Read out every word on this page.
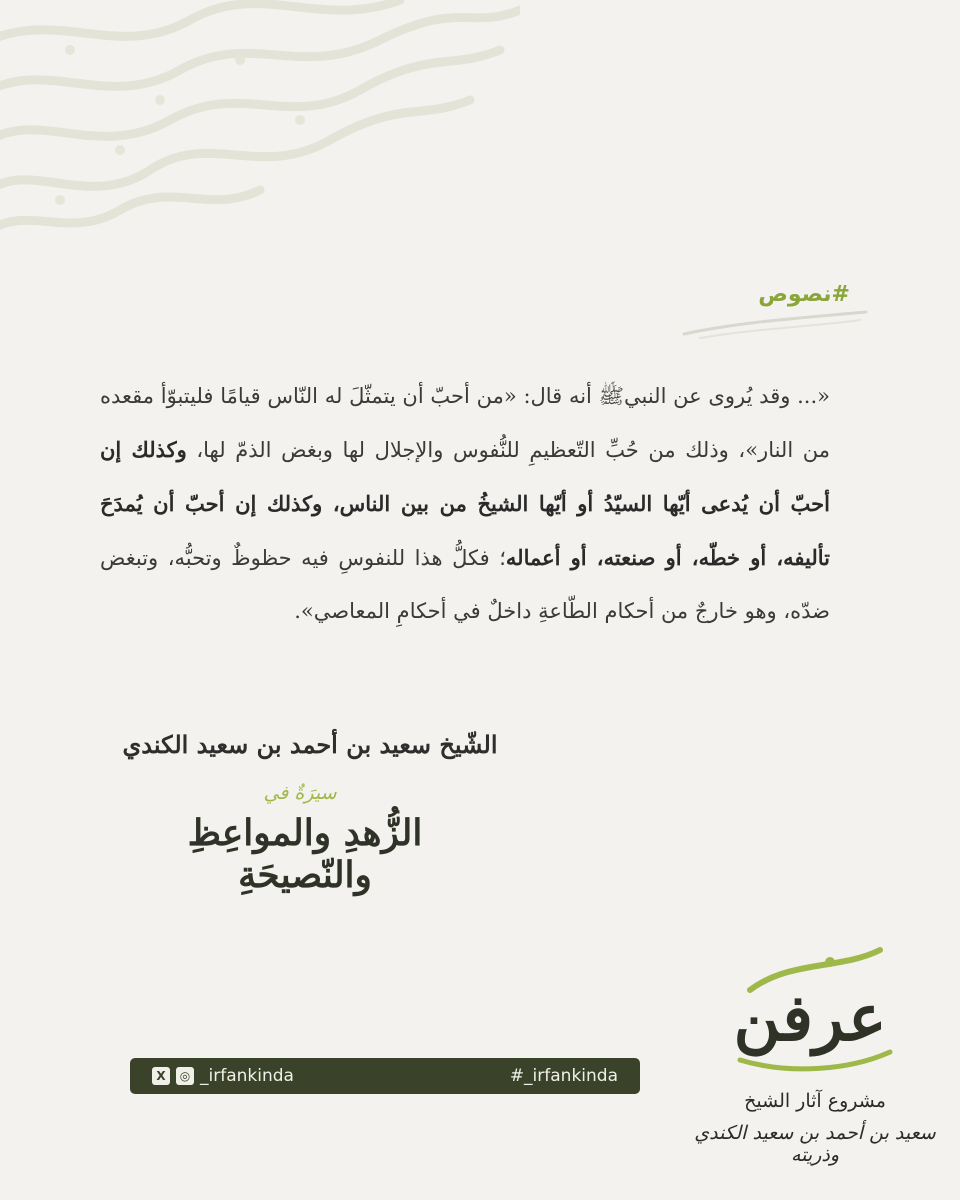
#نصوص
«... وقد يُروى عن النبيﷺ أنه قال: «من أحبّ أن يتمثّلَ له النّاس قيامًا فليتبوّأ مقعده من النار»، وذلك من حُبِّ التّعظيمِ للنُّفوس والإجلال لها وبغض الذمّ لها، وكذلك إن أحبّ أن يُدعى أيّها السيّدُ أو أيّها الشيخُ من بين الناس، وكذلك إن أحبّ أن يُمدَحَ تأليفه، أو خطّه، أو صنعته، أو أعماله؛ فكلُّ هذا للنفوسِ فيه حظوظٌ وتحبُّه، وتبغض ضدّه، وهو خارجٌ من أحكام الطّاعةِ داخلٌ في أحكامِ المعاصي».
الشّيخ سعيد بن أحمد بن سعيد الكندي
سيرَةٌ في
الزُّهدِ والمواعِظِ والنّصيحَةِ
X	◎ _irfankinda	#_irfankinda
عرفن
مشروع آثار الشيخ
سعيد بن أحمد بن سعيد الكندي وذريته
